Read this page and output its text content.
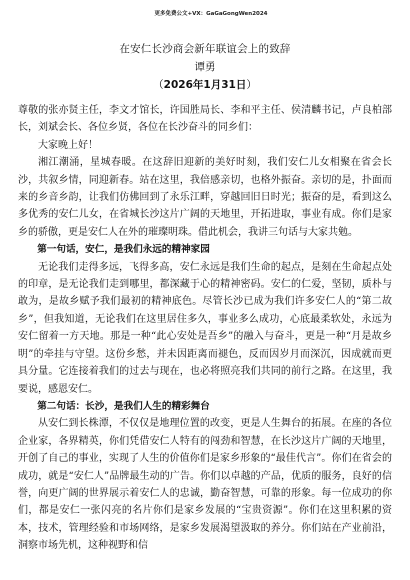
更多免费公文+VX：GaGaGongWen2024
在安仁长沙商会新年联谊会上的致辞
谭勇
（2026年1月31日）

尊敬的张亦贤主任，李文才馆长，许国胜局长、李和平主任、侯清麟书记，卢良柏部长，刘斌会长、各位乡贤，各位在长沙奋斗的同乡们：

大家晚上好！

湘江潮涌，星城春暖。在这辞旧迎新的美好时刻，我们安仁儿女相聚在省会长沙，共叙乡情，同迎新春。站在这里，我倍感亲切，也格外振奋。亲切的是，扑面而来的乡音乡韵，让我们仿佛回到了永乐江畔，穿越回旧日时光；振奋的是，看到这么多优秀的安仁儿女，在省城长沙这片广阔的天地里，开拓进取，事业有成。你们是家乡的骄傲，更是安仁人在外的璀璨明珠。借此机会，我讲三句话与大家共勉。

第一句话，安仁，是我们永远的精神家园

无论我们走得多远，飞得多高，安仁永远是我们生命的起点，是刻在生命起点处的印章，是无论我们走到哪里，都深藏于心的精神密码。安仁的仁爱，坚韧，质朴与敢为，是故乡赋予我们最初的精神底色。尽管长沙已成为我们许多安仁人的“第二故乡”，但我知道，无论我们在这里居住多久，事业多么成功，心底最柔软处，永远为安仁留着一方天地。那是一种“此心安处是吾乡”的融入与奋斗，更是一种“月是故乡明”的牵挂与守望。这份乡愁，并未因距离而褪色，反而因岁月而深沉，因成就而更具分量。它连接着我们的过去与现在，也必将照亮我们共同的前行之路。在这里，我要说，感恩安仁。

第二句话：长沙，是我们人生的精彩舞台

从安仁到长株潭，不仅仅是地理位置的改变，更是人生舞台的拓展。在座的各位企业家，各界精英，你们凭借安仁人特有的闯劲和智慧，在长沙这片广阔的天地里，开创了自己的事业，实现了人生的价值你们是家乡形象的“最佳代言”。你们在省会的成功，就是“安仁人”品牌最生动的广告。你们以卓越的产品，优质的服务，良好的信誉，向更广阔的世界展示着安仁人的忠诚，勤奋智慧，可靠的形象。每一位成功的你们，都是安仁一张闪亮的名片你们是家乡发展的“宝贵资源”。你们在这里积累的资本，技术，管理经验和市场网络，是家乡发展渴望汲取的养分。你们站在产业前沿，洞察市场先机，这种视野和信
